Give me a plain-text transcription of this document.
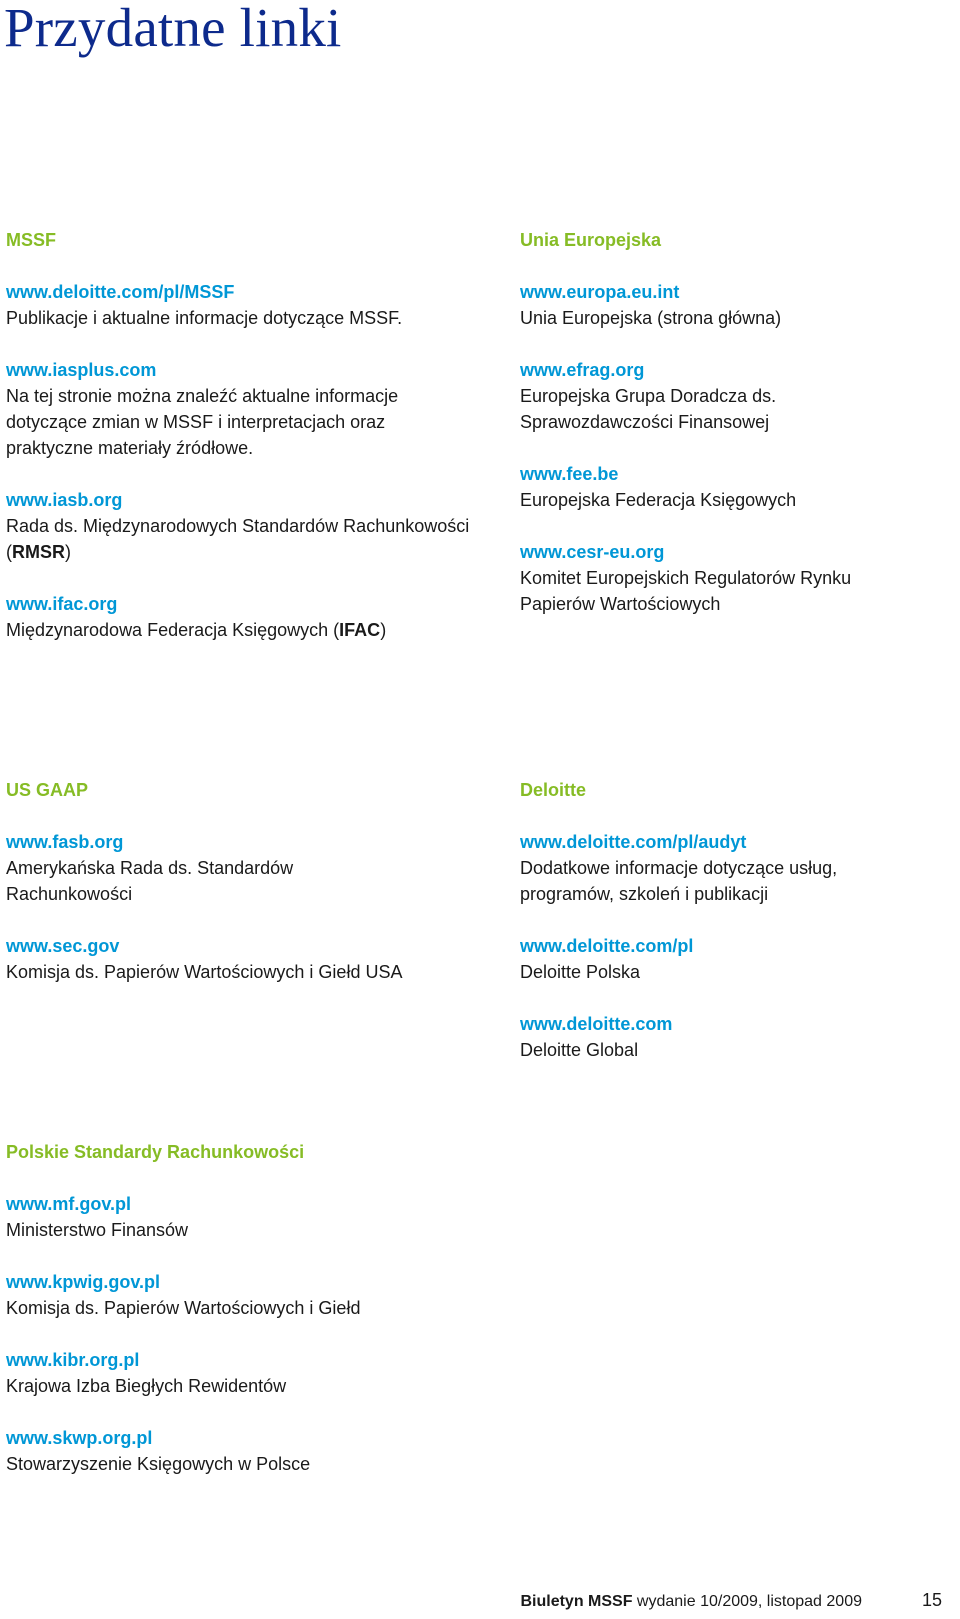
Przydatne linki
MSSF
www.deloitte.com/pl/MSSF

Publikacje i aktualne informacje dotyczące MSSF.

www.iasplus.com

Na tej stronie można znaleźć aktualne informacje dotyczące zmian w MSSF i interpretacjach oraz praktyczne materiały źródłowe.

www.iasb.org

Rada ds. Międzynarodowych Standardów Rachunkowości (RMSR)

www.ifac.org

Międzynarodowa Federacja Księgowych (IFAC)

Unia Europejska
www.europa.eu.int

Unia Europejska (strona główna)

www.efrag.org

Europejska Grupa Doradcza ds. Sprawozdawczości Finansowej

www.fee.be

Europejska Federacja Księgowych

www.cesr-eu.org

Komitet Europejskich Regulatorów Rynku Papierów Wartościowych

US GAAP
www.fasb.org

Amerykańska Rada ds. Standardów Rachunkowości

www.sec.gov

Komisja ds. Papierów Wartościowych i Giełd USA

Deloitte
www.deloitte.com/pl/audyt

Dodatkowe informacje dotyczące usług, programów, szkoleń i publikacji

www.deloitte.com/pl

Deloitte Polska

www.deloitte.com

Deloitte Global

Polskie Standardy Rachunkowości
www.mf.gov.pl

Ministerstwo Finansów

www.kpwig.gov.pl

Komisja ds. Papierów Wartościowych i Giełd

www.kibr.org.pl

Krajowa Izba Biegłych Rewidentów

www.skwp.org.pl

Stowarzyszenie Księgowych w Polsce

Biuletyn MSSF wydanie 10/2009, listopad 2009	15
